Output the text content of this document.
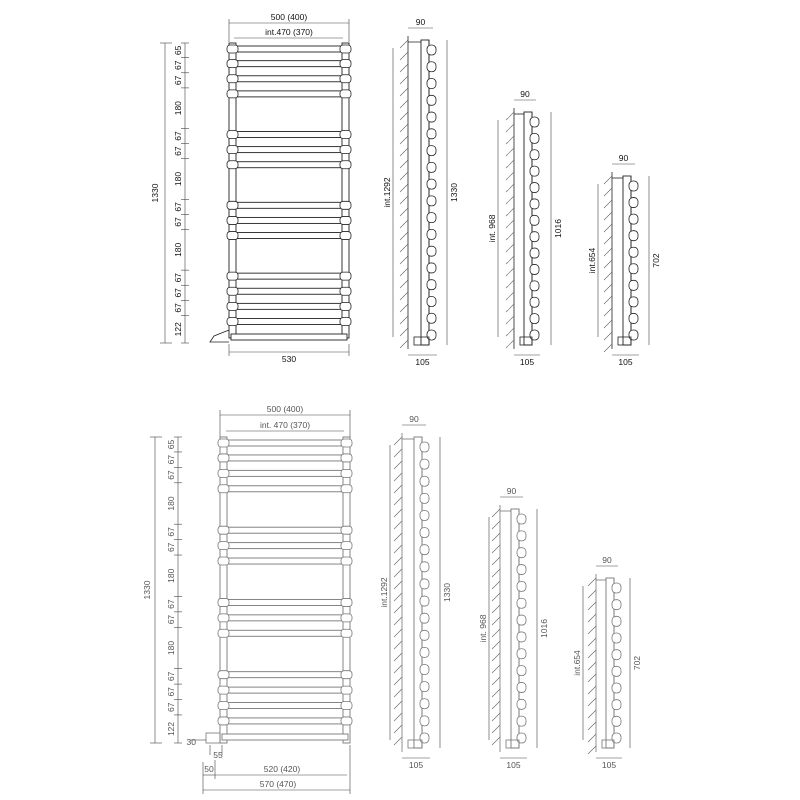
500 (400)
int.470 (370)
530
1330
65
67
67
180
67
67
180
67
67
180
67
67
67
122
90
105
int.1292	1330
90
105
int. 968	1016
90
105
int.654	702
500 (400)
int. 470 (370)
30
55
520 (420)
50
570 (470)
1330
65
67
67
180
67
67
180
67
67
180
67
67
67
122
90
105
int.1292	1330
90
105
int. 968	1016
90
105
int.654	702
